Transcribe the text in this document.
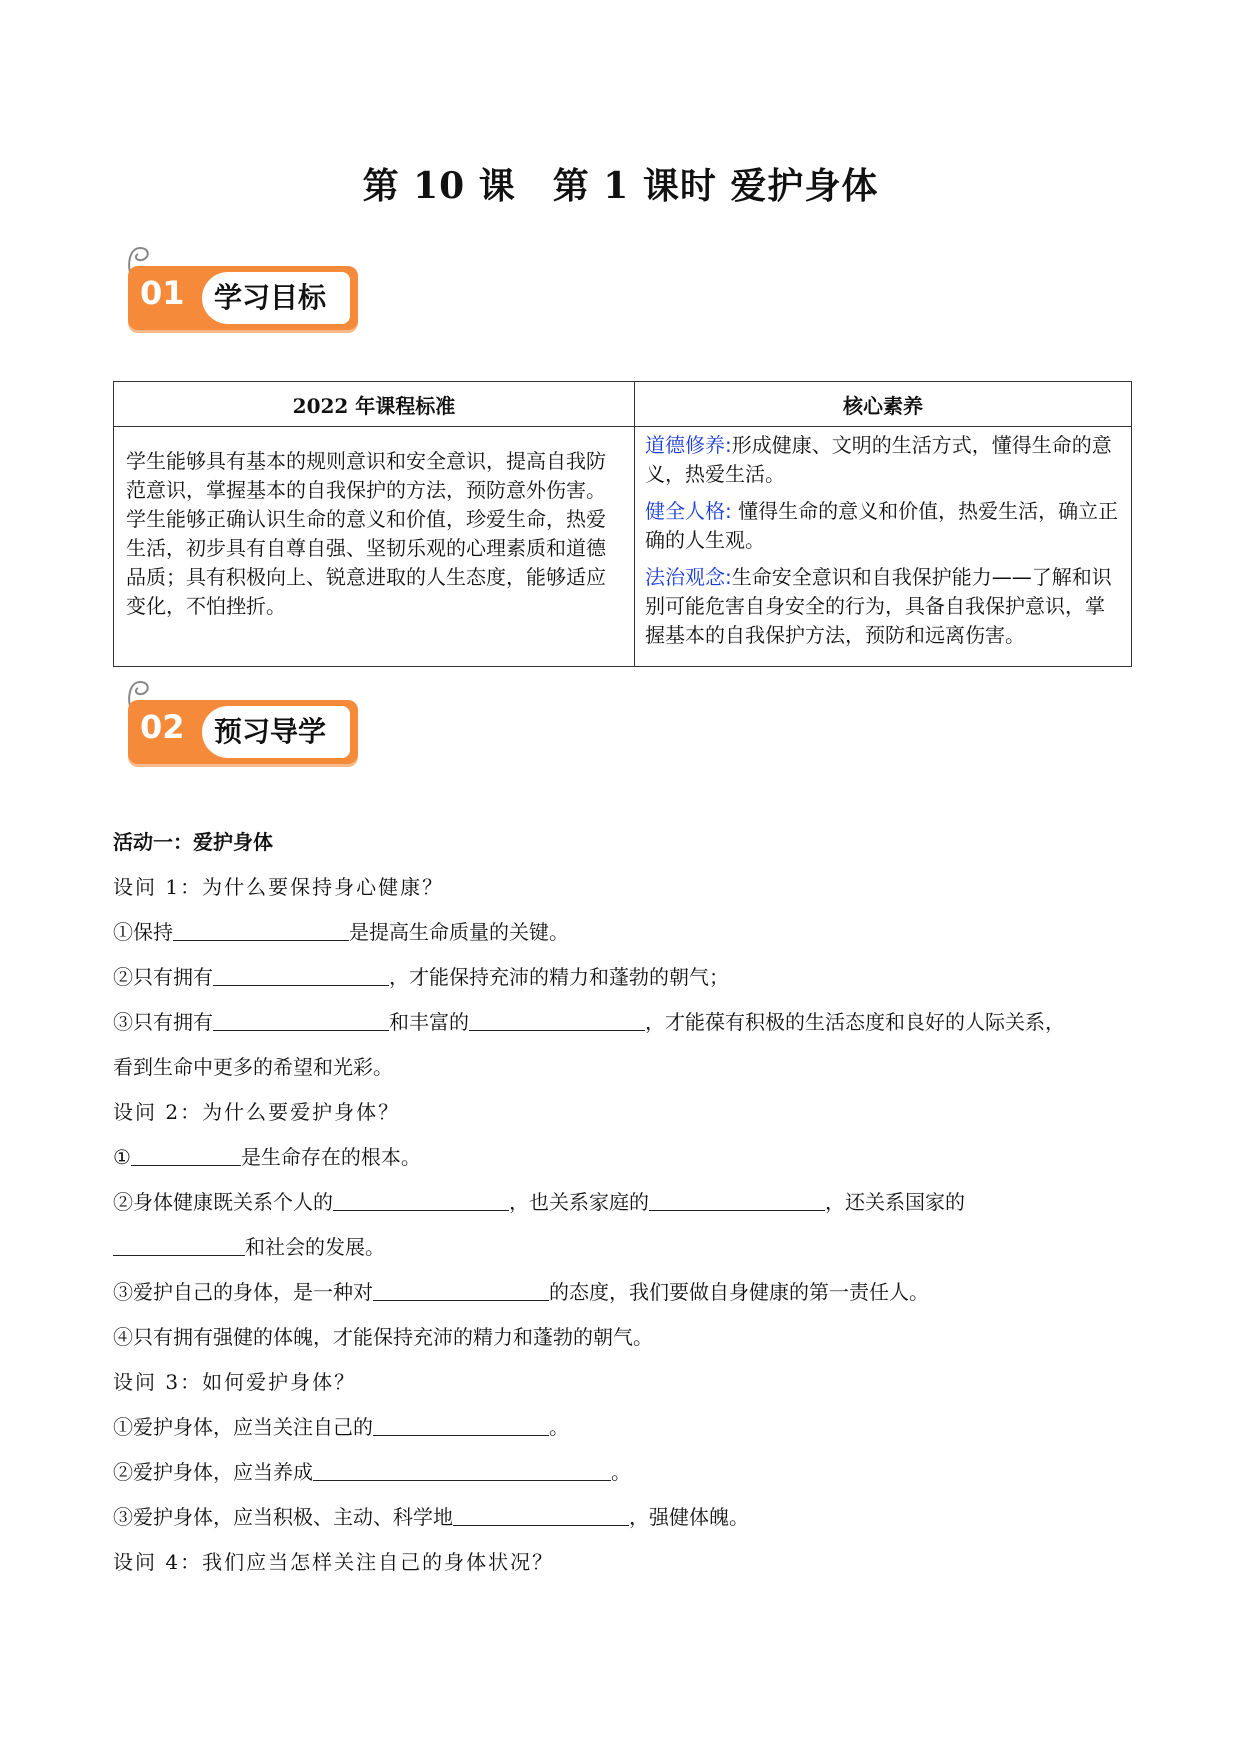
第 10 课　第 1 课时 爱护身体
01	学习目标
2022 年课程标准	核心素养
学生能够具有基本的规则意识和安全意识，提高自我防范意识，掌握基本的自我保护的方法，预防意外伤害。学生能够正确认识生命的意义和价值，珍爱生命，热爱生活，初步具有自尊自强、坚韧乐观的心理素质和道德品质；具有积极向上、锐意进取的人生态度，能够适应变化，不怕挫折。	道德修养:形成健康、文明的生活方式，懂得生命的意义，热爱生活。
健全人格: 懂得生命的意义和价值，热爱生活，确立正确的人生观。
法治观念:生命安全意识和自我保护能力——了解和识别可能危害自身安全的行为，具备自我保护意识，掌握基本的自我保护方法，预防和远离伤害。
02	预习导学
活动一：爱护身体
设问 1：为什么要保持身心健康？
①保持	是提高生命质量的关键。
②只有拥有	，才能保持充沛的精力和蓬勃的朝气；
③只有拥有	和丰富的	，才能葆有积极的生活态度和良好的人际关系，
看到生命中更多的希望和光彩。
设问 2：为什么要爱护身体？
①	是生命存在的根本。
②身体健康既关系个人的	，也关系家庭的	，还关系国家的
和社会的发展。
③爱护自己的身体，是一种对	的态度，我们要做自身健康的第一责任人。
④只有拥有强健的体魄，才能保持充沛的精力和蓬勃的朝气。
设问 3：如何爱护身体？
①爱护身体，应当关注自己的	。
②爱护身体，应当养成	。
③爱护身体，应当积极、主动、科学地	，强健体魄。
设问 4：我们应当怎样关注自己的身体状况？
